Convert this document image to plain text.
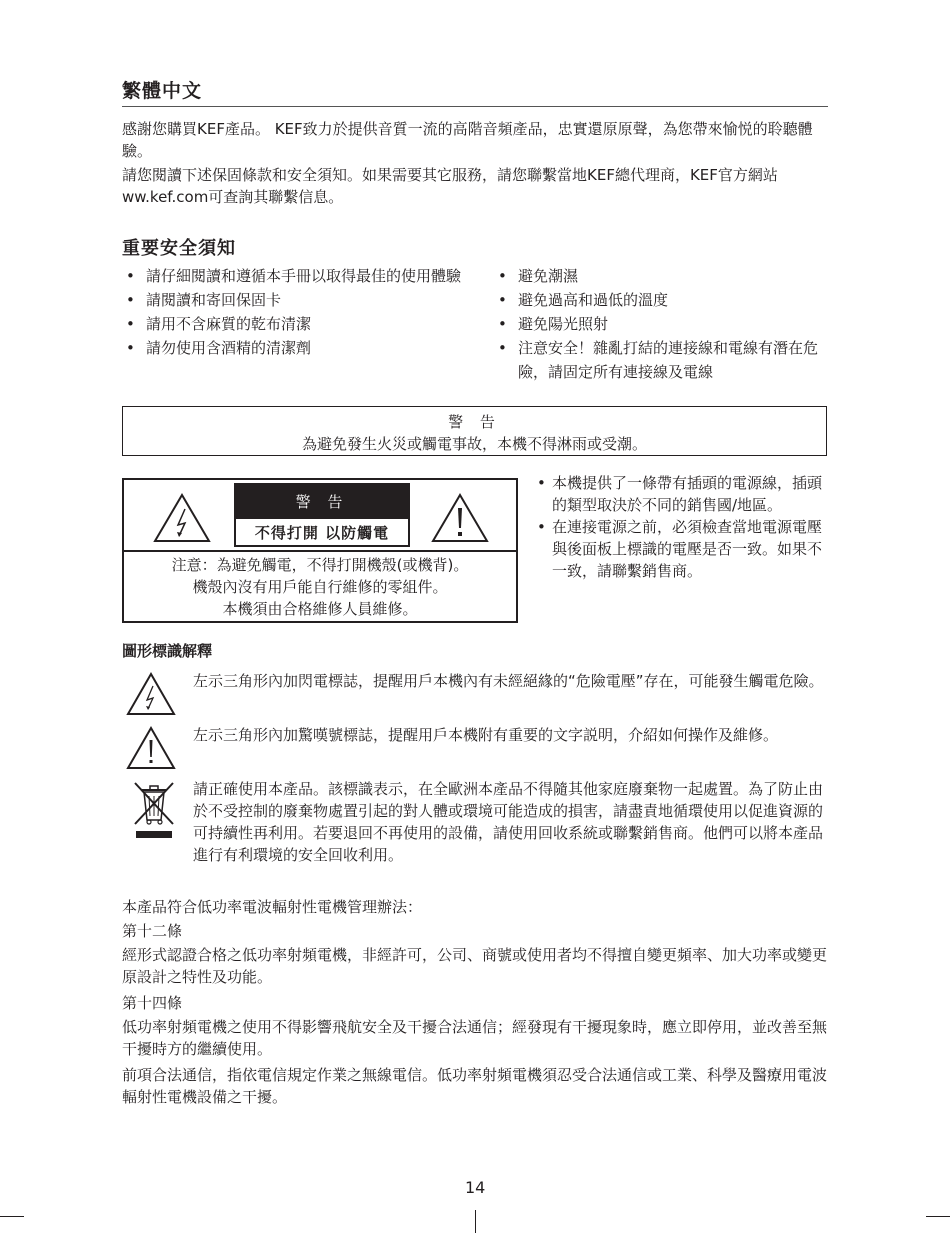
繁體中文
感謝您購買KEF產品。 KEF致力於提供音質一流的高階音頻產品，忠實還原原聲，為您帶來愉悦的聆聽體驗。
請您閱讀下述保固條款和安全須知。如果需要其它服務，請您聯繫當地KEF總代理商，KEF官方網站ww.kef.com可查詢其聯繫信息。
重要安全須知
• 請仔細閱讀和遵循本手冊以取得最佳的使用體驗
• 請閱讀和寄回保固卡
• 請用不含麻質的乾布清潔
• 請勿使用含酒精的清潔劑
• 避免潮濕
• 避免過高和過低的溫度
• 避免陽光照射
• 注意安全！雜亂打結的連接線和電線有潛在危險，請固定所有連接線及電線
警 告
為避免發生火災或觸電事故，本機不得淋雨或受潮。
警 告
不得打開 以防觸電
注意：為避免觸電，不得打開機殼(或機背)。
機殼內沒有用戶能自行維修的零組件。
本機須由合格維修人員維修。
• 本機提供了一條帶有插頭的電源線，插頭的類型取決於不同的銷售國/地區。
• 在連接電源之前，必須檢查當地電源電壓與後面板上標識的電壓是否一致。如果不一致，請聯繫銷售商。
圖形標識解釋
左示三角形內加閃電標誌，提醒用戶本機內有未經絕緣的“危險電壓”存在，可能發生觸電危險。
左示三角形內加驚嘆號標誌，提醒用戶本機附有重要的文字説明，介紹如何操作及維修。
請正確使用本產品。該標識表示，在全歐洲本產品不得隨其他家庭廢棄物一起處置。為了防止由於不受控制的廢棄物處置引起的對人體或環境可能造成的損害，請盡責地循環使用以促進資源的可持續性再利用。若要退回不再使用的設備，請使用回收系統或聯繫銷售商。他們可以將本產品進行有利環境的安全回收利用。
本產品符合低功率電波輻射性電機管理辦法：
第十二條
經形式認證合格之低功率射頻電機，非經許可，公司、商號或使用者均不得擅自變更頻率、加大功率或變更原設計之特性及功能。
第十四條
低功率射頻電機之使用不得影響飛航安全及干擾合法通信；經發現有干擾現象時，應立即停用，並改善至無干擾時方的繼續使用。
前項合法通信，指依電信規定作業之無線電信。低功率射頻電機須忍受合法通信或工業、科學及醫療用電波輻射性電機設備之干擾。
14
